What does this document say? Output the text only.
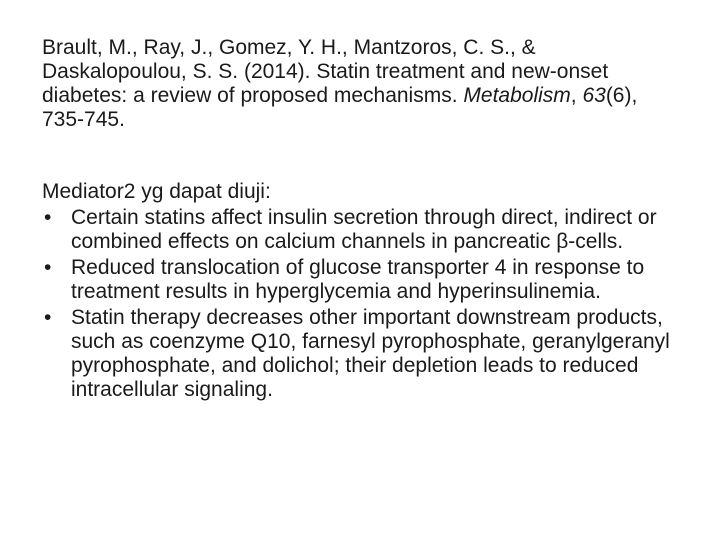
Brault, M., Ray, J., Gomez, Y. H., Mantzoros, C. S., & Daskalopoulou, S. S. (2014). Statin treatment and new-onset diabetes: a review of proposed mechanisms. Metabolism, 63(6), 735-745.

Mediator2 yg dapat diuji:
• Certain statins affect insulin secretion through direct, indirect or combined effects on calcium channels in pancreatic β-cells.
• Reduced translocation of glucose transporter 4 in response to treatment results in hyperglycemia and hyperinsulinemia.
• Statin therapy decreases other important downstream products, such as coenzyme Q10, farnesyl pyrophosphate, geranylgeranyl pyrophosphate, and dolichol; their depletion leads to reduced intracellular signaling.
